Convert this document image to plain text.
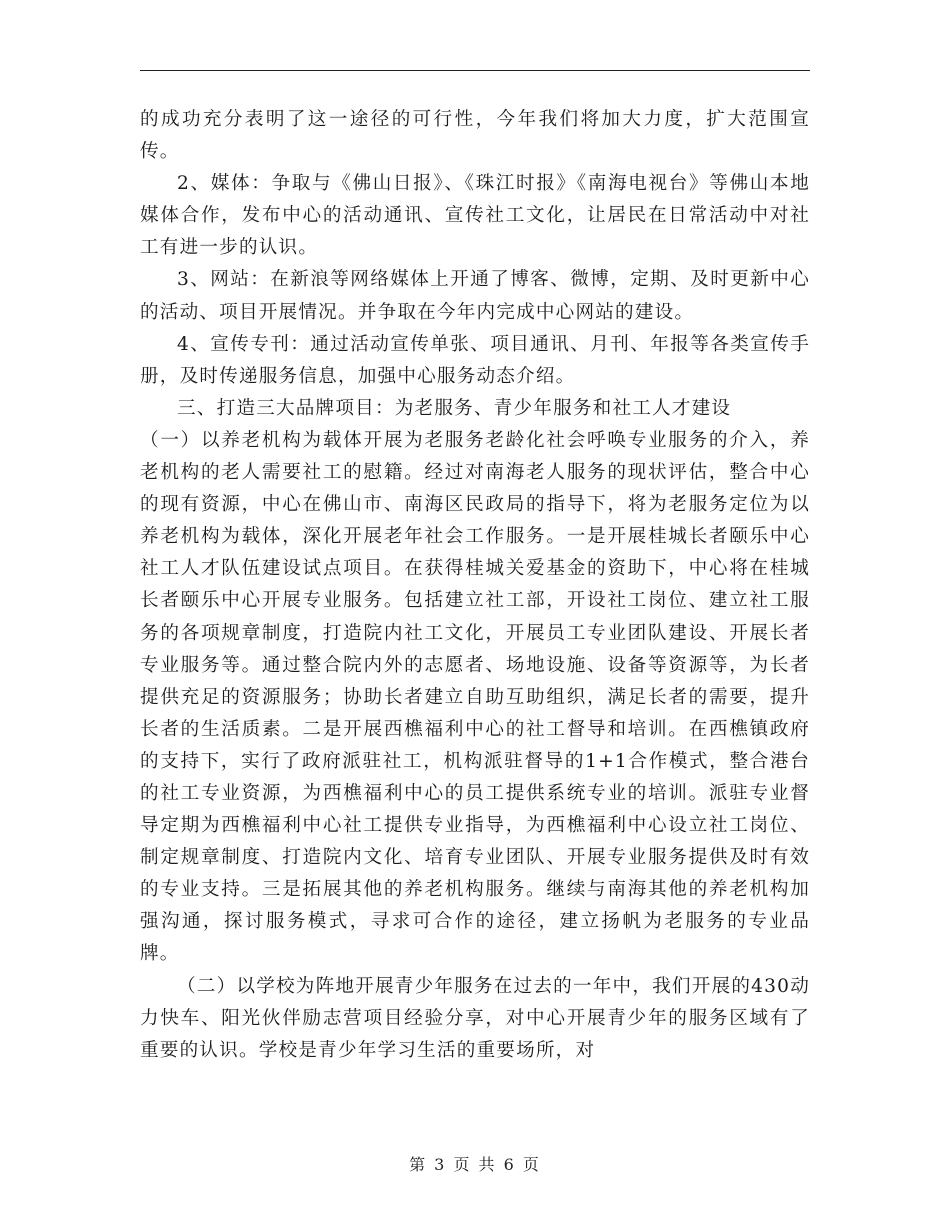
的成功充分表明了这一途径的可行性，今年我们将加大力度，扩大范围宣传。

2、媒体：争取与《佛山日报》、《珠江时报》《南海电视台》等佛山本地媒体合作，发布中心的活动通讯、宣传社工文化，让居民在日常活动中对社工有进一步的认识。

3、网站：在新浪等网络媒体上开通了博客、微博，定期、及时更新中心的活动、项目开展情况。并争取在今年内完成中心网站的建设。

4、宣传专刊：通过活动宣传单张、项目通讯、月刊、年报等各类宣传手册，及时传递服务信息，加强中心服务动态介绍。

三、打造三大品牌项目：为老服务、青少年服务和社工人才建设

（一）以养老机构为载体开展为老服务老龄化社会呼唤专业服务的介入，养老机构的老人需要社工的慰籍。经过对南海老人服务的现状评估，整合中心的现有资源，中心在佛山市、南海区民政局的指导下，将为老服务定位为以养老机构为载体，深化开展老年社会工作服务。一是开展桂城长者颐乐中心社工人才队伍建设试点项目。在获得桂城关爱基金的资助下，中心将在桂城长者颐乐中心开展专业服务。包括建立社工部，开设社工岗位、建立社工服务的各项规章制度，打造院内社工文化，开展员工专业团队建设、开展长者专业服务等。通过整合院内外的志愿者、场地设施、设备等资源等，为长者提供充足的资源服务；协助长者建立自助互助组织，满足长者的需要，提升长者的生活质素。二是开展西樵福利中心的社工督导和培训。在西樵镇政府的支持下，实行了政府派驻社工，机构派驻督导的1+1合作模式，整合港台的社工专业资源，为西樵福利中心的员工提供系统专业的培训。派驻专业督导定期为西樵福利中心社工提供专业指导，为西樵福利中心设立社工岗位、制定规章制度、打造院内文化、培育专业团队、开展专业服务提供及时有效的专业支持。三是拓展其他的养老机构服务。继续与南海其他的养老机构加强沟通，探讨服务模式，寻求可合作的途径，建立扬帆为老服务的专业品牌。

（二）以学校为阵地开展青少年服务在过去的一年中，我们开展的430动力快车、阳光伙伴励志营项目经验分享，对中心开展青少年的服务区域有了重要的认识。学校是青少年学习生活的重要场所，对

第 3 页 共 6 页
